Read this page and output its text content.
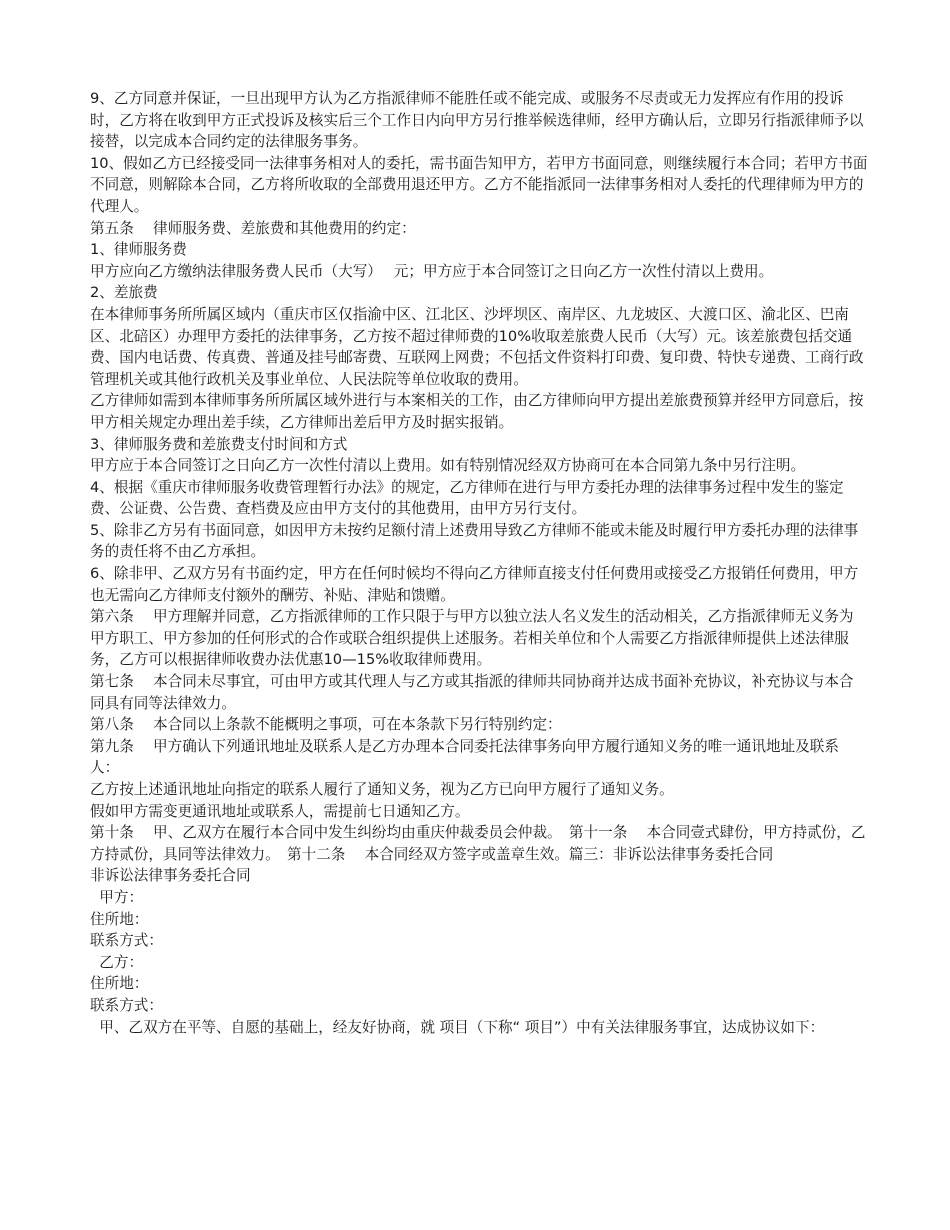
9、乙方同意并保证，一旦出现甲方认为乙方指派律师不能胜任或不能完成、或服务不尽责或无力发挥应有作用的投诉时，乙方将在收到甲方正式投诉及核实后三个工作日内向甲方另行推举候选律师，经甲方确认后，立即另行指派律师予以接替，以完成本合同约定的法律服务事务。

10、假如乙方已经接受同一法律事务相对人的委托，需书面告知甲方，若甲方书面同意，则继续履行本合同；若甲方书面不同意，则解除本合同，乙方将所收取的全部费用退还甲方。乙方不能指派同一法律事务相对人委托的代理律师为甲方的代理人。

第五条　 律师服务费、差旅费和其他费用的约定：

1、律师服务费

甲方应向乙方缴纳法律服务费人民币（大写）　 元；甲方应于本合同签订之日向乙方一次性付清以上费用。

2、差旅费

在本律师事务所所属区域内（重庆市区仅指渝中区、江北区、沙坪坝区、南岸区、九龙坡区、大渡口区、渝北区、巴南区、北碚区）办理甲方委托的法律事务，乙方按不超过律师费的10%收取差旅费人民币（大写）元。该差旅费包括交通费、国内电话费、传真费、普通及挂号邮寄费、互联网上网费；不包括文件资料打印费、复印费、特快专递费、工商行政管理机关或其他行政机关及事业单位、人民法院等单位收取的费用。

乙方律师如需到本律师事务所所属区域外进行与本案相关的工作，由乙方律师向甲方提出差旅费预算并经甲方同意后，按甲方相关规定办理出差手续，乙方律师出差后甲方及时据实报销。

3、律师服务费和差旅费支付时间和方式

甲方应于本合同签订之日向乙方一次性付清以上费用。如有特别情况经双方协商可在本合同第九条中另行注明。

4、根据《重庆市律师服务收费管理暂行办法》的规定，乙方律师在进行与甲方委托办理的法律事务过程中发生的鉴定费、公证费、公告费、查档费及应由甲方支付的其他费用，由甲方另行支付。

5、除非乙方另有书面同意，如因甲方未按约足额付清上述费用导致乙方律师不能或未能及时履行甲方委托办理的法律事务的责任将不由乙方承担。

6、除非甲、乙双方另有书面约定，甲方在任何时候均不得向乙方律师直接支付任何费用或接受乙方报销任何费用，甲方也无需向乙方律师支付额外的酬劳、补贴、津贴和馈赠。

第六条　 甲方理解并同意，乙方指派律师的工作只限于与甲方以独立法人名义发生的活动相关，乙方指派律师无义务为甲方职工、甲方参加的任何形式的合作或联合组织提供上述服务。若相关单位和个人需要乙方指派律师提供上述法律服务，乙方可以根据律师收费办法优惠10—15%收取律师费用。

第七条　 本合同未尽事宜，可由甲方或其代理人与乙方或其指派的律师共同协商并达成书面补充协议，补充协议与本合同具有同等法律效力。

第八条　 本合同以上条款不能概明之事项，可在本条款下另行特别约定：

第九条　 甲方确认下列通讯地址及联系人是乙方办理本合同委托法律事务向甲方履行通知义务的唯一通讯地址及联系人：

乙方按上述通讯地址向指定的联系人履行了通知义务，视为乙方已向甲方履行了通知义务。

假如甲方需变更通讯地址或联系人，需提前七日通知乙方。

第十条　 甲、乙双方在履行本合同中发生纠纷均由重庆仲裁委员会仲裁。　第十一条　 本合同壹式肆份，甲方持贰份，乙方持贰份，具同等法律效力。　第十二条　 本合同经双方签字或盖章生效。篇三：非诉讼法律事务委托合同

非诉讼法律事务委托合同

甲方：

住所地：

联系方式：

乙方：

住所地：

联系方式：

甲、乙双方在平等、自愿的基础上，经友好协商，就 项目（下称“ 项目”）中有关法律服务事宜，达成协议如下：
